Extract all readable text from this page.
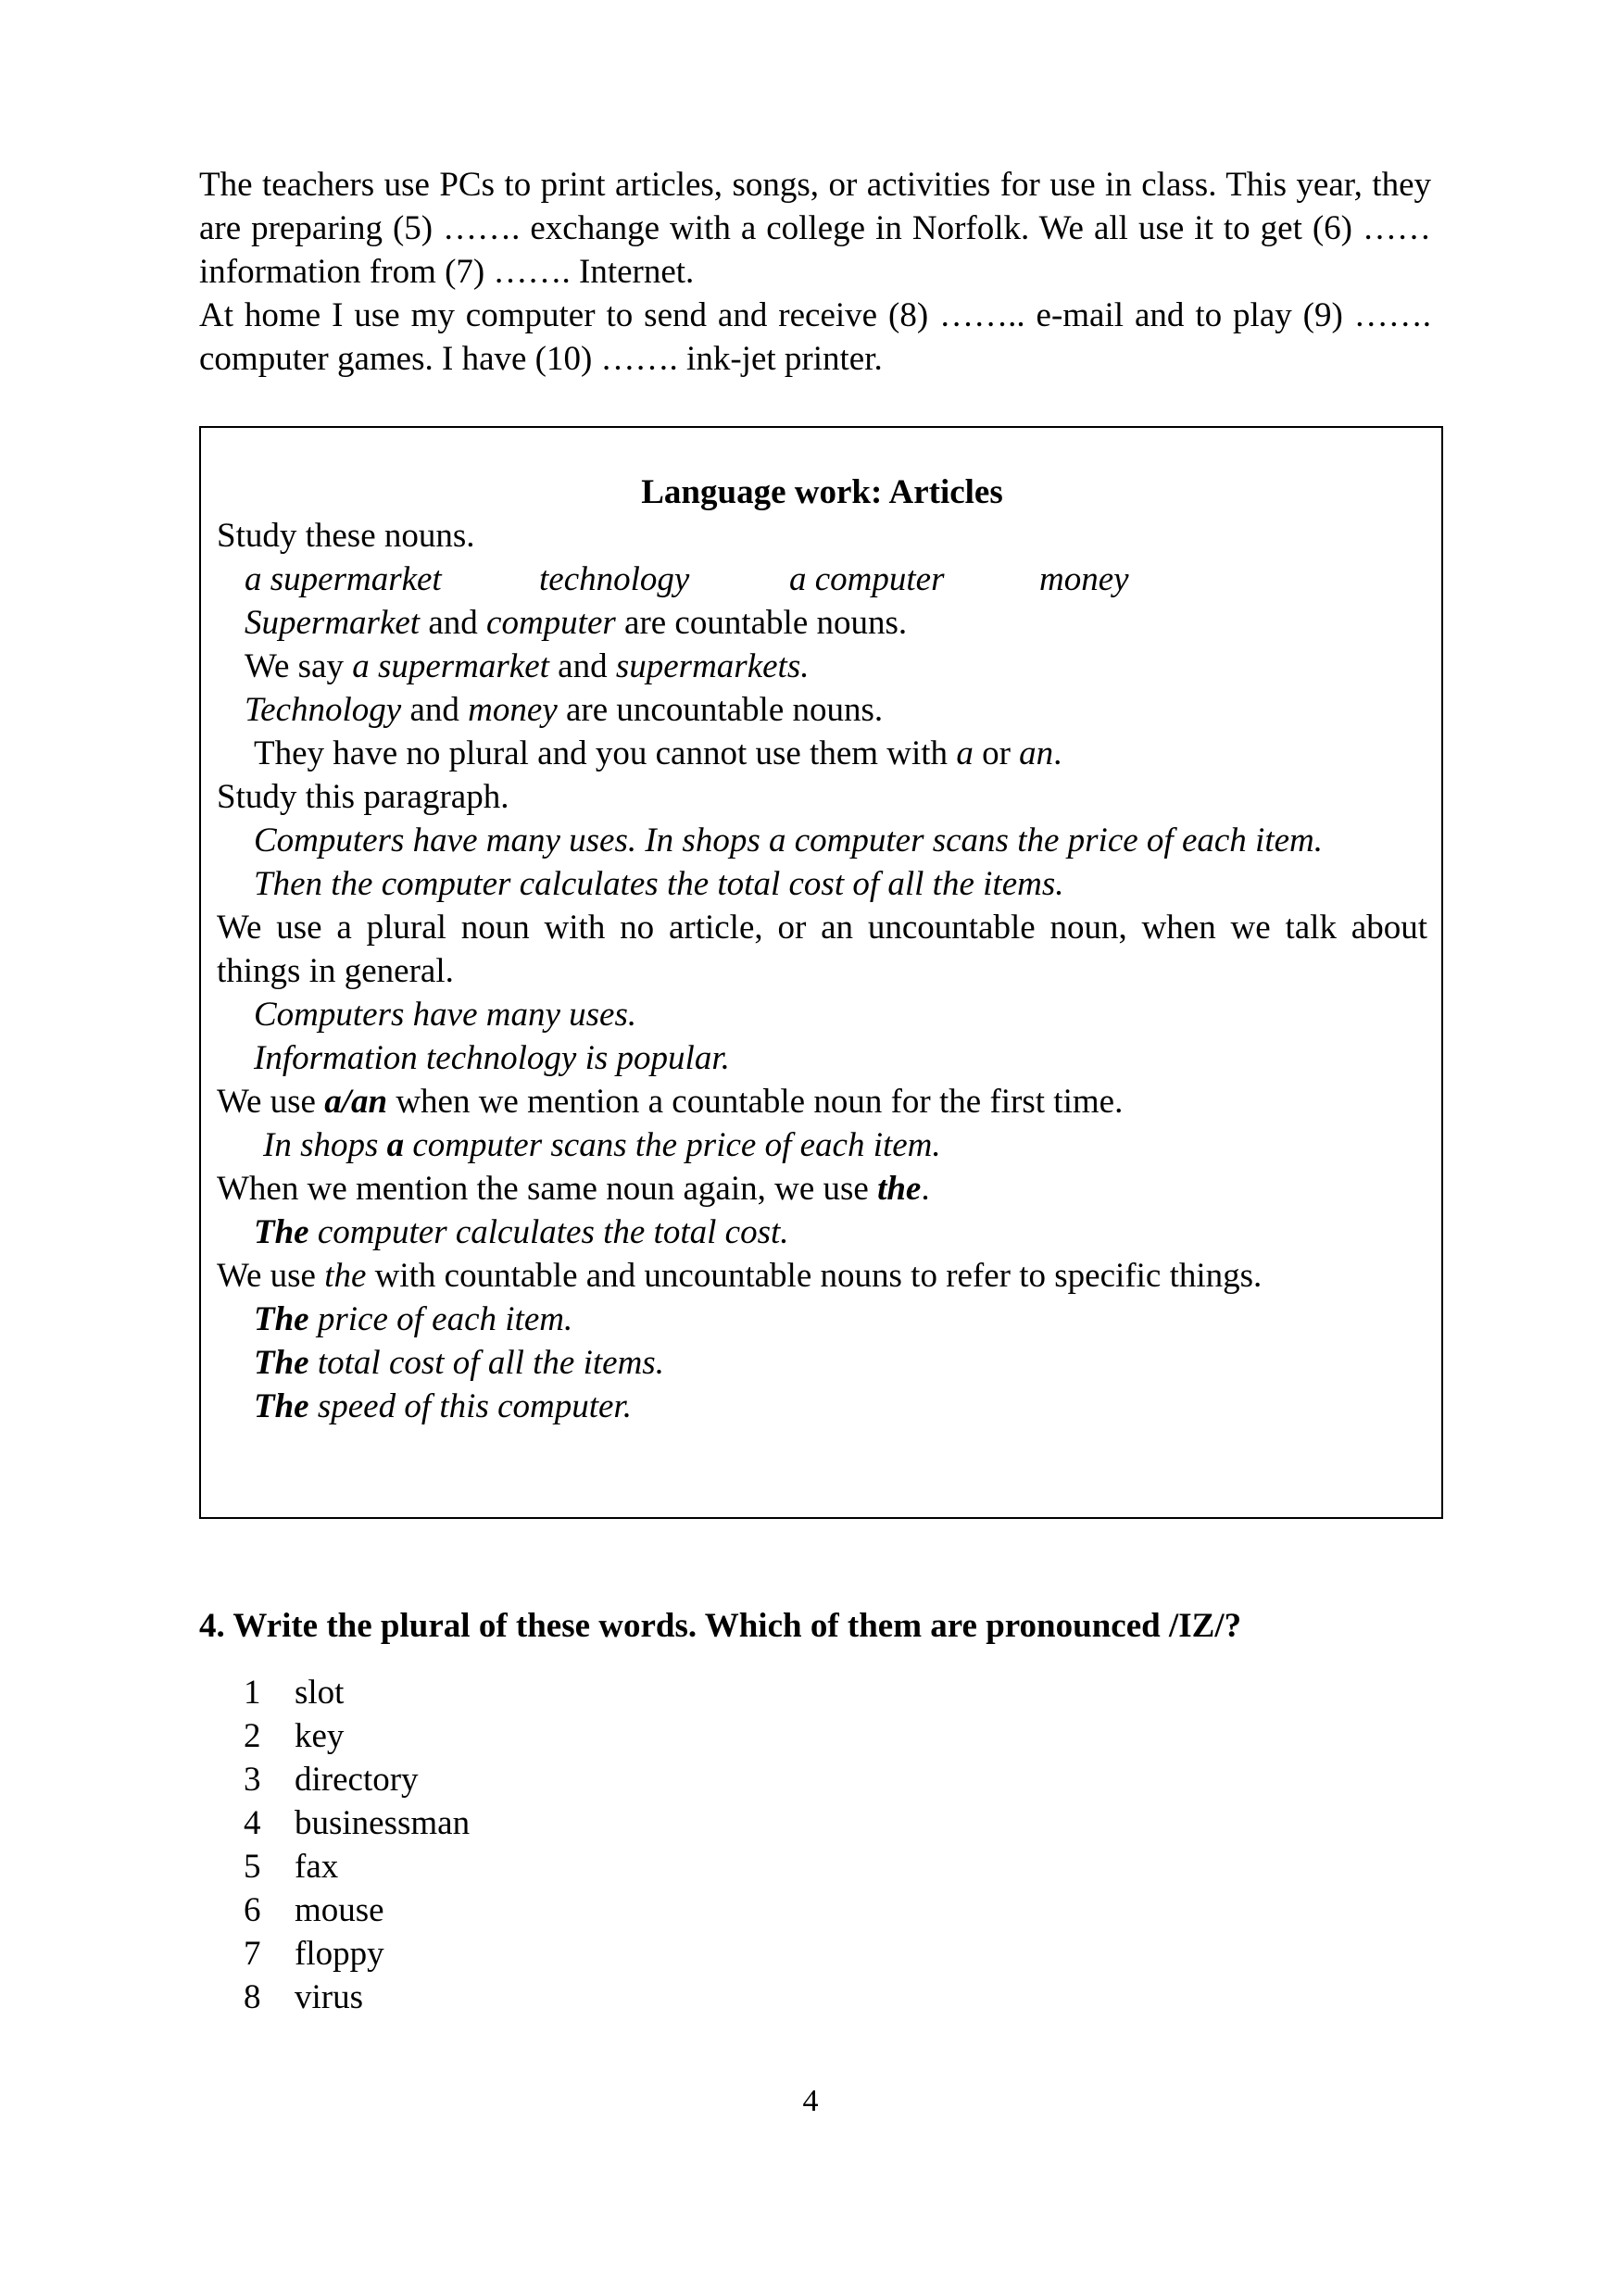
The teachers use PCs to print articles, songs, or activities for use in class. This year, they are preparing (5) ……. exchange with a college in Norfolk. We all use it to get (6) …… information from (7) ……. Internet.

At home I use my computer to send and receive (8) …….. e-mail and to play (9) ……. computer games. I have (10) ……. ink-jet printer.

Language work: Articles

Study these nouns.

a supermarket	technology	a computer	money

Supermarket and computer are countable nouns.

We say a supermarket and supermarkets.

Technology and money are uncountable nouns.

They have no plural and you cannot use them with a or an.

Study this paragraph.

Computers have many uses. In shops a computer scans the price of each item.

Then the computer calculates the total cost of all the items.

We use a plural noun with no article, or an uncountable noun, when we talk about things in general.

Computers have many uses.

Information technology is popular.

We use a/an when we mention a countable noun for the first time.

In shops a computer scans the price of each item.

When we mention the same noun again, we use the.

The computer calculates the total cost.

We use the with countable and uncountable nouns to refer to specific things.

The price of each item.

The total cost of all the items.

The speed of this computer.

4. Write the plural of these words. Which of them are pronounced /IZ/?

1 slot
2 key
3 directory
4 businessman
5 fax
6 mouse
7 floppy
8 virus

4
